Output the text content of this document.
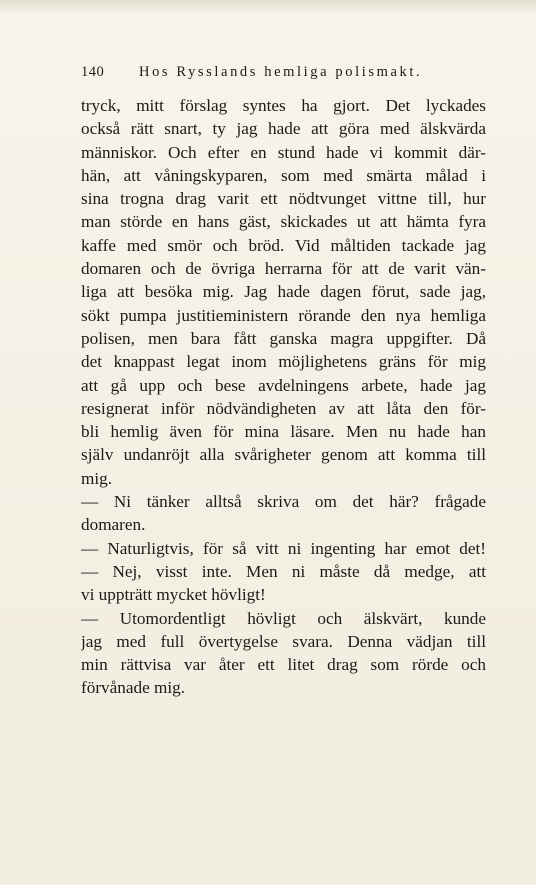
140 Hos Rysslands hemliga polismakt.
tryck, mitt förslag syntes ha gjort. Det lyckades
också rätt snart, ty jag hade att göra med älskvärda
människor. Och efter en stund hade vi kommit där-
hän, att våningskyparen, som med smärta målad i
sina trogna drag varit ett nödtvunget vittne till, hur
man störde en hans gäst, skickades ut att hämta fyra
kaffe med smör och bröd. Vid måltiden tackade jag
domaren och de övriga herrarna för att de varit vän-
liga att besöka mig. Jag hade dagen förut, sade jag,
sökt pumpa justitieministern rörande den nya hemliga
polisen, men bara fått ganska magra uppgifter. Då
det knappast legat inom möjlighetens gräns för mig
att gå upp och bese avdelningens arbete, hade jag
resignerat inför nödvändigheten av att låta den för-
bli hemlig även för mina läsare. Men nu hade han
själv undanröjt alla svårigheter genom att komma till
mig.
— Ni tänker alltså skriva om det här? frågade
domaren.
— Naturligtvis, för så vitt ni ingenting har emot det!
— Nej, visst inte. Men ni måste då medge, att
vi uppträtt mycket hövligt!
— Utomordentligt hövligt och älskvärt, kunde
jag med full övertygelse svara. Denna vädjan till
min rättvisa var åter ett litet drag som rörde och
förvånade mig.
